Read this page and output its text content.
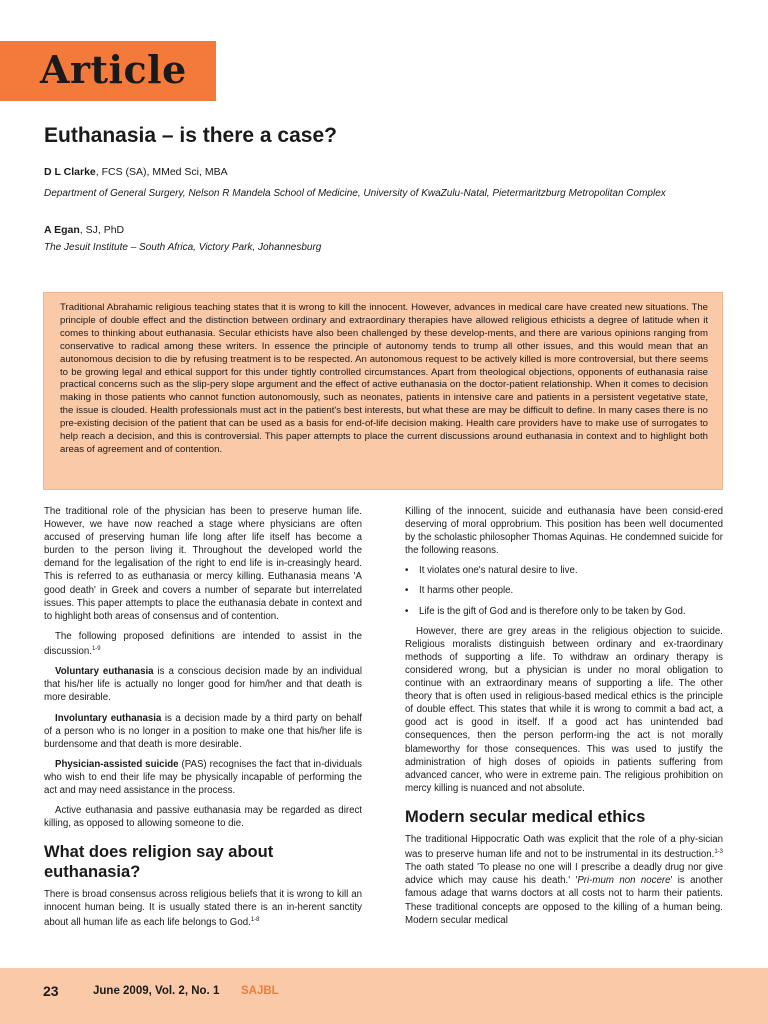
Article
Euthanasia – is there a case?
D L Clarke, FCS (SA), MMed Sci, MBA
Department of General Surgery, Nelson R Mandela School of Medicine, University of KwaZulu-Natal, Pietermaritzburg Metropolitan Complex
A Egan, SJ, PhD
The Jesuit Institute – South Africa, Victory Park, Johannesburg
Traditional Abrahamic religious teaching states that it is wrong to kill the innocent. However, advances in medical care have created new situations. The principle of double effect and the distinction between ordinary and extraordinary therapies have allowed religious ethicists a degree of latitude when it comes to thinking about euthanasia. Secular ethicists have also been challenged by these develop-ments, and there are various opinions ranging from conservative to radical among these writers. In essence the principle of autonomy tends to trump all other issues, and this would mean that an autonomous decision to die by refusing treatment is to be respected. An autonomous request to be actively killed is more controversial, but there seems to be growing legal and ethical support for this under tightly controlled circumstances. Apart from theological objections, opponents of euthanasia raise practical concerns such as the slip-pery slope argument and the effect of active euthanasia on the doctor-patient relationship. When it comes to decision making in those patients who cannot function autonomously, such as neonates, patients in intensive care and patients in a persistent vegetative state, the issue is clouded. Health professionals must act in the patient's best interests, but what these are may be difficult to define. In many cases there is no pre-existing decision of the patient that can be used as a basis for end-of-life decision making. Health care providers have to make use of surrogates to help reach a decision, and this is controversial. This paper attempts to place the current discussions around euthanasia in context and to highlight both areas of agreement and of contention.

The traditional role of the physician has been to preserve human life. However, we have now reached a stage where physicians are often accused of preserving human life long after life itself has become a burden to the person living it. Throughout the developed world the demand for the legalisation of the right to end life is in-creasingly heard. This is referred to as euthanasia or mercy killing. Euthanasia means 'A good death' in Greek and covers a number of separate but interrelated issues. This paper attempts to place the euthanasia debate in context and to highlight both areas of consensus and of contention.

The following proposed definitions are intended to assist in the discussion.$^{1-9}$

Voluntary euthanasia is a conscious decision made by an individual that his/her life is actually no longer good for him/her and that death is more desirable.

Involuntary euthanasia is a decision made by a third party on behalf of a person who is no longer in a position to make one that his/her life is burdensome and that death is more desirable.

Physician-assisted suicide (PAS) recognises the fact that in-dividuals who wish to end their life may be physically incapable of performing the act and may need assistance in the process.

Active euthanasia and passive euthanasia may be regarded as direct killing, as opposed to allowing someone to die.

What does religion say about euthanasia?

There is broad consensus across religious beliefs that it is wrong to kill an innocent human being. It is usually stated there is an in-herent sanctity about all human life as each life belongs to God.$^{1-8}$

Killing of the innocent, suicide and euthanasia have been consid-ered deserving of moral opprobrium. This position has been well documented by the scholastic philosopher Thomas Aquinas. He condemned suicide for the following reasons.

• It violates one's natural desire to live.
• It harms other people.
• Life is the gift of God and is therefore only to be taken by God.

However, there are grey areas in the religious objection to suicide. Religious moralists distinguish between ordinary and ex-traordinary methods of supporting a life. To withdraw an ordinary therapy is considered wrong, but a physician is under no moral obligation to continue with an extraordinary means of supporting a life. The other theory that is often used in religious-based medical ethics is the principle of double effect. This states that while it is wrong to commit a bad act, a good act is good in itself. If a good act has unintended bad consequences, then the person perform-ing the act is not morally blameworthy for those consequences. This was used to justify the administration of high doses of opioids in patients suffering from advanced cancer, who were in extreme pain. The religious prohibition on mercy killing is nuanced and not absolute.

Modern secular medical ethics

The traditional Hippocratic Oath was explicit that the role of a phy-sician was to preserve human life and not to be instrumental in its destruction.$^{1-3}$ The oath stated 'To please no one will I prescribe a deadly drug nor give advice which may cause his death.' 'Pri-mum non nocere' is another famous adage that warns doctors at all costs not to harm their patients. These traditional concepts are opposed to the killing of a human being. Modern secular medical

23	June 2009, Vol. 2, No. 1 SAJBL
